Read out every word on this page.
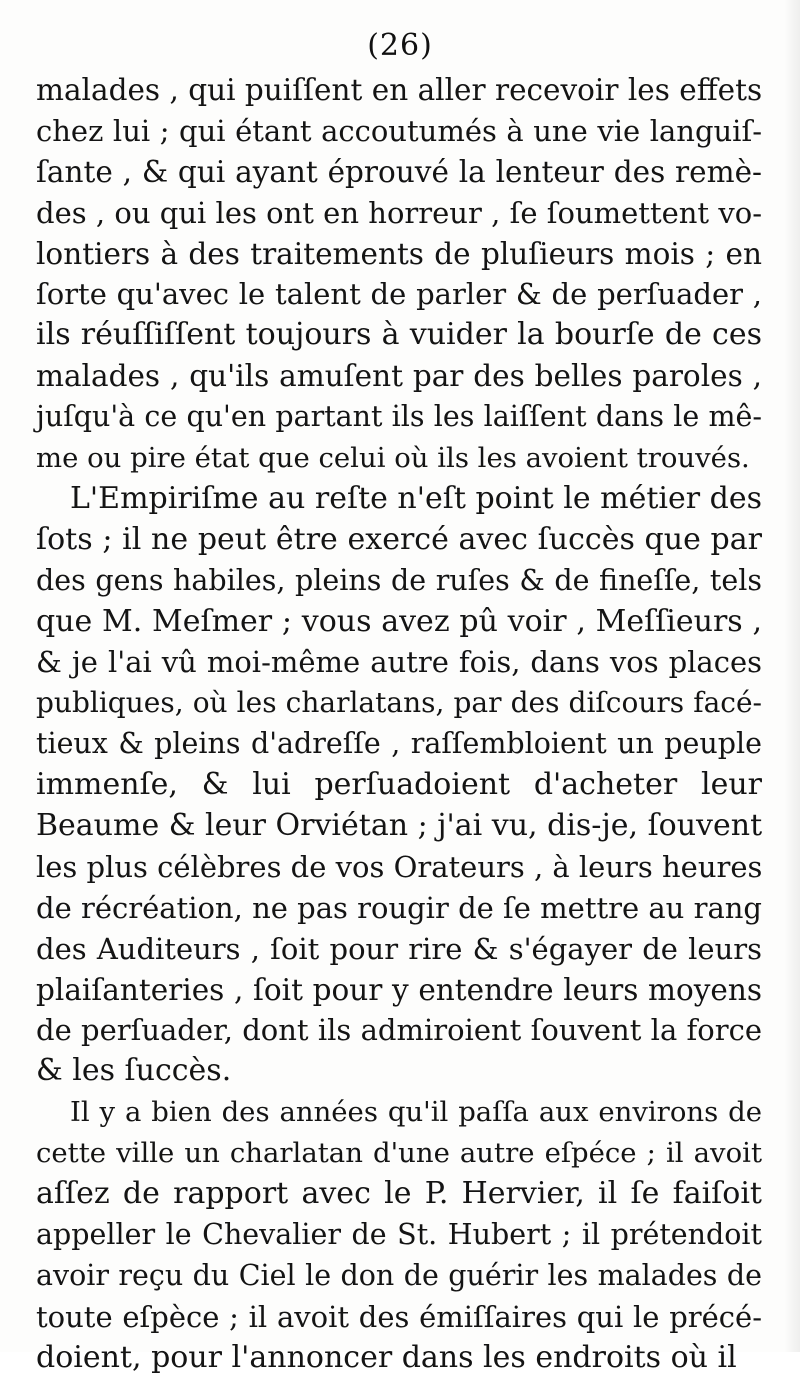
(26)
malades , qui puiſſent en aller recevoir les effets
chez lui ; qui étant accoutumés à une vie languiſ-
ſante , & qui ayant éprouvé la lenteur des remè-
des , ou qui les ont en horreur , ſe ſoumettent vo-
lontiers à des traitements de pluſieurs mois ; en
ſorte qu'avec le talent de parler & de perſuader ,
ils réuſſiſſent toujours à vuider la bourſe de ces
malades , qu'ils amuſent par des belles paroles ,
juſqu'à ce qu'en partant ils les laiſſent dans le mê-
me ou pire état que celui où ils les avoient trouvés.
L'Empiriſme au reſte n'eſt point le métier des
ſots ; il ne peut être exercé avec ſuccès que par
des gens habiles, pleins de ruſes & de fineſſe, tels
que M. Meſmer ; vous avez pû voir , Meſſieurs ,
& je l'ai vû moi-même autre fois, dans vos places
publiques, où les charlatans, par des diſcours facé-
tieux & pleins d'adreſſe , raſſembloient un peuple
immenſe, & lui perſuadoient d'acheter leur
Beaume & leur Orviétan ; j'ai vu, dis-je, ſouvent
les plus célèbres de vos Orateurs , à leurs heures
de récréation, ne pas rougir de ſe mettre au rang
des Auditeurs , ſoit pour rire & s'égayer de leurs
plaiſanteries , ſoit pour y entendre leurs moyens
de perſuader, dont ils admiroient ſouvent la force
& les ſuccès.
Il y a bien des années qu'il paſſa aux environs de
cette ville un charlatan d'une autre eſpéce ; il avoit
aſſez de rapport avec le P. Hervier, il ſe faiſoit
appeller le Chevalier de St. Hubert ; il prétendoit
avoir reçu du Ciel le don de guérir les malades de
toute eſpèce ; il avoit des émiſſaires qui le précé-
doient, pour l'annoncer dans les endroits où il
